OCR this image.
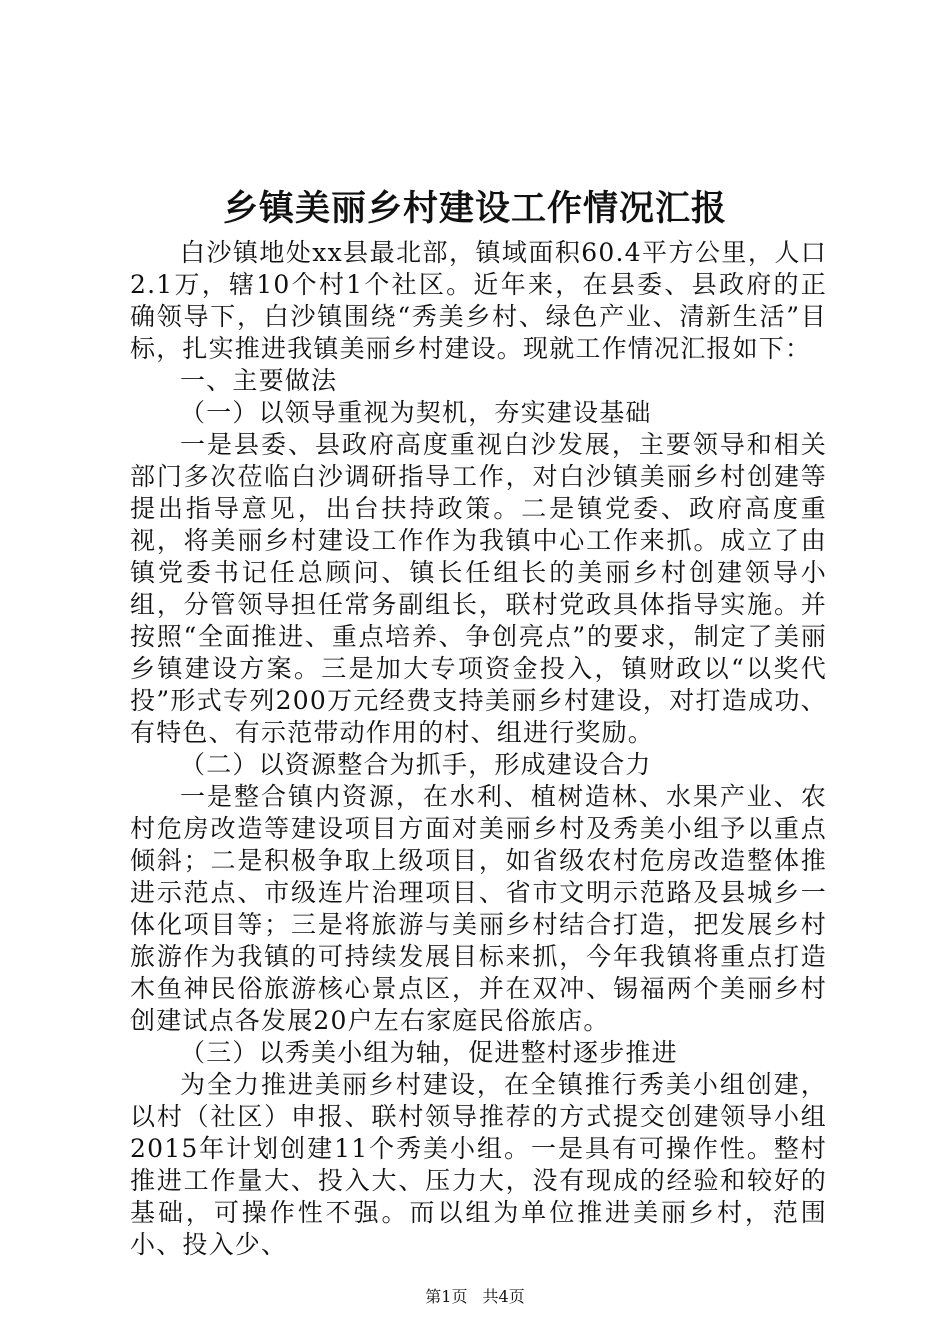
乡镇美丽乡村建设工作情况汇报

白沙镇地处xx县最北部，镇域面积60.4平方公里，人口2.1万，辖10个村1个社区。近年来，在县委、县政府的正确领导下，白沙镇围绕“秀美乡村、绿色产业、清新生活”目标，扎实推进我镇美丽乡村建设。现就工作情况汇报如下：

一、主要做法

（一）以领导重视为契机，夯实建设基础

一是县委、县政府高度重视白沙发展，主要领导和相关部门多次莅临白沙调研指导工作，对白沙镇美丽乡村创建等提出指导意见，出台扶持政策。二是镇党委、政府高度重视，将美丽乡村建设工作作为我镇中心工作来抓。成立了由镇党委书记任总顾问、镇长任组长的美丽乡村创建领导小组，分管领导担任常务副组长，联村党政具体指导实施。并按照“全面推进、重点培养、争创亮点”的要求，制定了美丽乡镇建设方案。三是加大专项资金投入，镇财政以“以奖代投”形式专列200万元经费支持美丽乡村建设，对打造成功、有特色、有示范带动作用的村、组进行奖励。

（二）以资源整合为抓手，形成建设合力

一是整合镇内资源，在水利、植树造林、水果产业、农村危房改造等建设项目方面对美丽乡村及秀美小组予以重点倾斜；二是积极争取上级项目，如省级农村危房改造整体推进示范点、市级连片治理项目、省市文明示范路及县城乡一体化项目等；三是将旅游与美丽乡村结合打造，把发展乡村旅游作为我镇的可持续发展目标来抓，今年我镇将重点打造木鱼神民俗旅游核心景点区，并在双冲、锡福两个美丽乡村创建试点各发展20户左右家庭民俗旅店。

（三）以秀美小组为轴，促进整村逐步推进

为全力推进美丽乡村建设，在全镇推行秀美小组创建，以村（社区）申报、联村领导推荐的方式提交创建领导小组2015年计划创建11个秀美小组。一是具有可操作性。整村推进工作量大、投入大、压力大，没有现成的经验和较好的基础，可操作性不强。而以组为单位推进美丽乡村，范围小、投入少、

第1页 共4页
